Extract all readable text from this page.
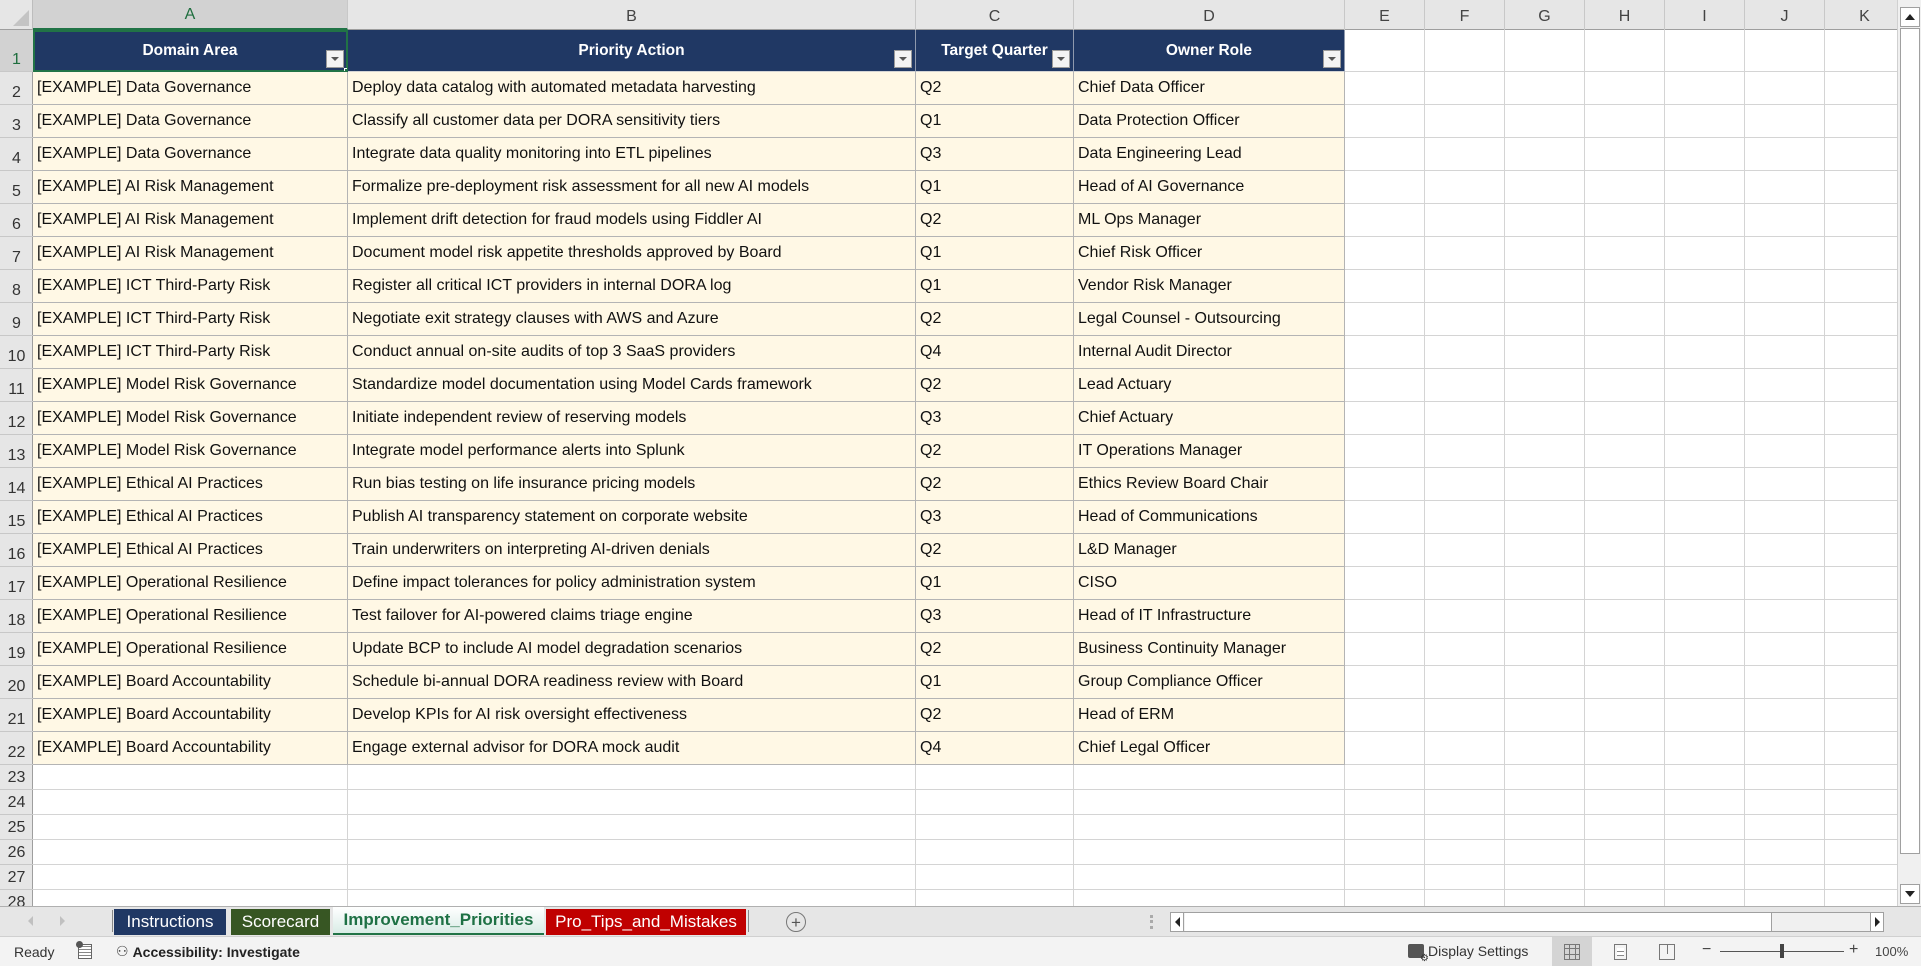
A	B	C	D	E	F	G	H	I	J	K
1
2
3
4
5
6
7
8
9
10
11
12
13
14
15
16
17
18
19
20
21
22
23
24
25
26
27
28
Domain Area	Priority Action	Target Quarter	Owner Role
[EXAMPLE] Data Governance	Deploy data catalog with automated metadata harvesting	Q2	Chief Data Officer
[EXAMPLE] Data Governance	Classify all customer data per DORA sensitivity tiers	Q1	Data Protection Officer
[EXAMPLE] Data Governance	Integrate data quality monitoring into ETL pipelines	Q3	Data Engineering Lead
[EXAMPLE] AI Risk Management	Formalize pre-deployment risk assessment for all new AI models	Q1	Head of AI Governance
[EXAMPLE] AI Risk Management	Implement drift detection for fraud models using Fiddler AI	Q2	ML Ops Manager
[EXAMPLE] AI Risk Management	Document model risk appetite thresholds approved by Board	Q1	Chief Risk Officer
[EXAMPLE] ICT Third-Party Risk	Register all critical ICT providers in internal DORA log	Q1	Vendor Risk Manager
[EXAMPLE] ICT Third-Party Risk	Negotiate exit strategy clauses with AWS and Azure	Q2	Legal Counsel - Outsourcing
[EXAMPLE] ICT Third-Party Risk	Conduct annual on-site audits of top 3 SaaS providers	Q4	Internal Audit Director
[EXAMPLE] Model Risk Governance	Standardize model documentation using Model Cards framework	Q2	Lead Actuary
[EXAMPLE] Model Risk Governance	Initiate independent review of reserving models	Q3	Chief Actuary
[EXAMPLE] Model Risk Governance	Integrate model performance alerts into Splunk	Q2	IT Operations Manager
[EXAMPLE] Ethical AI Practices	Run bias testing on life insurance pricing models	Q2	Ethics Review Board Chair
[EXAMPLE] Ethical AI Practices	Publish AI transparency statement on corporate website	Q3	Head of Communications
[EXAMPLE] Ethical AI Practices	Train underwriters on interpreting AI-driven denials	Q2	L&D Manager
[EXAMPLE] Operational Resilience	Define impact tolerances for policy administration system	Q1	CISO
[EXAMPLE] Operational Resilience	Test failover for AI-powered claims triage engine	Q3	Head of IT Infrastructure
[EXAMPLE] Operational Resilience	Update BCP to include AI model degradation scenarios	Q2	Business Continuity Manager
[EXAMPLE] Board Accountability	Schedule bi-annual DORA readiness review with Board	Q1	Group Compliance Officer
[EXAMPLE] Board Accountability	Develop KPIs for AI risk oversight effectiveness	Q2	Head of ERM
[EXAMPLE] Board Accountability	Engage external advisor for DORA mock audit	Q4	Chief Legal Officer
Instructions Scorecard Improvement_Priorities Pro_Tips_and_Mistakes	+
Ready	⚇ Accessibility: Investigate ⚙	Display Settings	−	+ 100%
